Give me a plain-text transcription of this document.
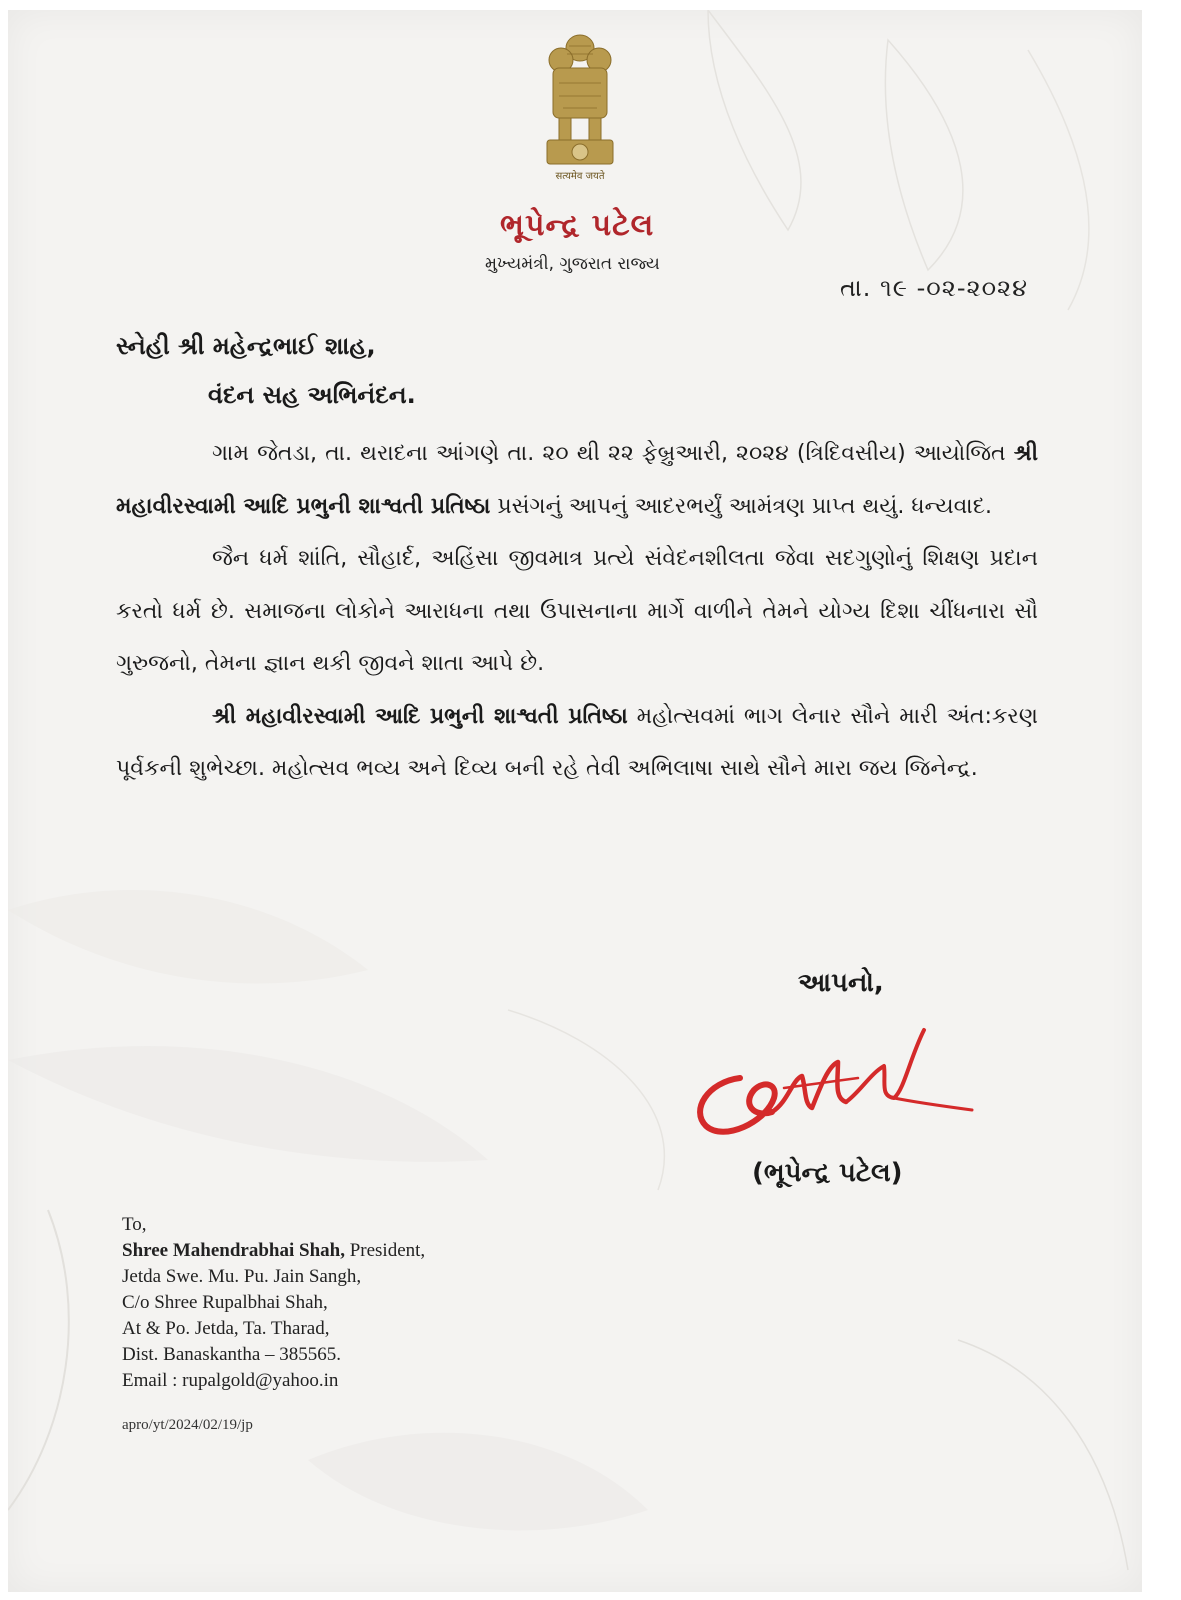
सत्यमेव जयते
ભૂપેન્દ્ર પટેલ
મુખ્યમંત્રી, ગુજરાત રાજ્ય
તા. ૧૯ -૦૨-૨૦૨૪
સ્નેહી શ્રી મહેન્દ્રભાઈ શાહ,
વંદન સહ અભિનંદન.

ગામ જેતડા, તા. થરાદના આંગણે તા. ૨૦ થી ૨૨ ફેબ્રુઆરી, ૨૦૨૪ (ત્રિદિવસીય) આયોજિત શ્રી મહાવીરસ્વામી આદિ પ્રભુની શાશ્વતી પ્રતિષ્ઠા પ્રસંગનું આપનું આદરભર્યું આમંત્રણ પ્રાપ્ત થયું. ધન્યવાદ.

જૈન ધર્મ શાંતિ, સૌહાર્દ, અહિંસા જીવમાત્ર પ્રત્યે સંવેદનશીલતા જેવા સદગુણોનું શિક્ષણ પ્રદાન કરતો ધર્મ છે. સમાજના લોકોને આરાધના તથા ઉપાસનાના માર્ગે વાળીને તેમને યોગ્ય દિશા ચીંધનારા સૌ ગુરુજનો, તેમના જ્ઞાન થકી જીવને શાતા આપે છે.

શ્રી મહાવીરસ્વામી આદિ પ્રભુની શાશ્વતી પ્રતિષ્ઠા મહોત્સવમાં ભાગ લેનાર સૌને મારી અંત:કરણ પૂર્વકની શુભેચ્છા. મહોત્સવ ભવ્ય અને દિવ્ય બની રહે તેવી અભિલાષા સાથે સૌને મારા જય જિનેન્દ્ર.

આપનો,
(ભૂપેન્દ્ર પટેલ)
To,
Shree Mahendrabhai Shah, President,
Jetda Swe. Mu. Pu. Jain Sangh,
C/o Shree Rupalbhai Shah,
At & Po. Jetda, Ta. Tharad,
Dist. Banaskantha – 385565.
Email : rupalgold@yahoo.in
apro/yt/2024/02/19/jp
